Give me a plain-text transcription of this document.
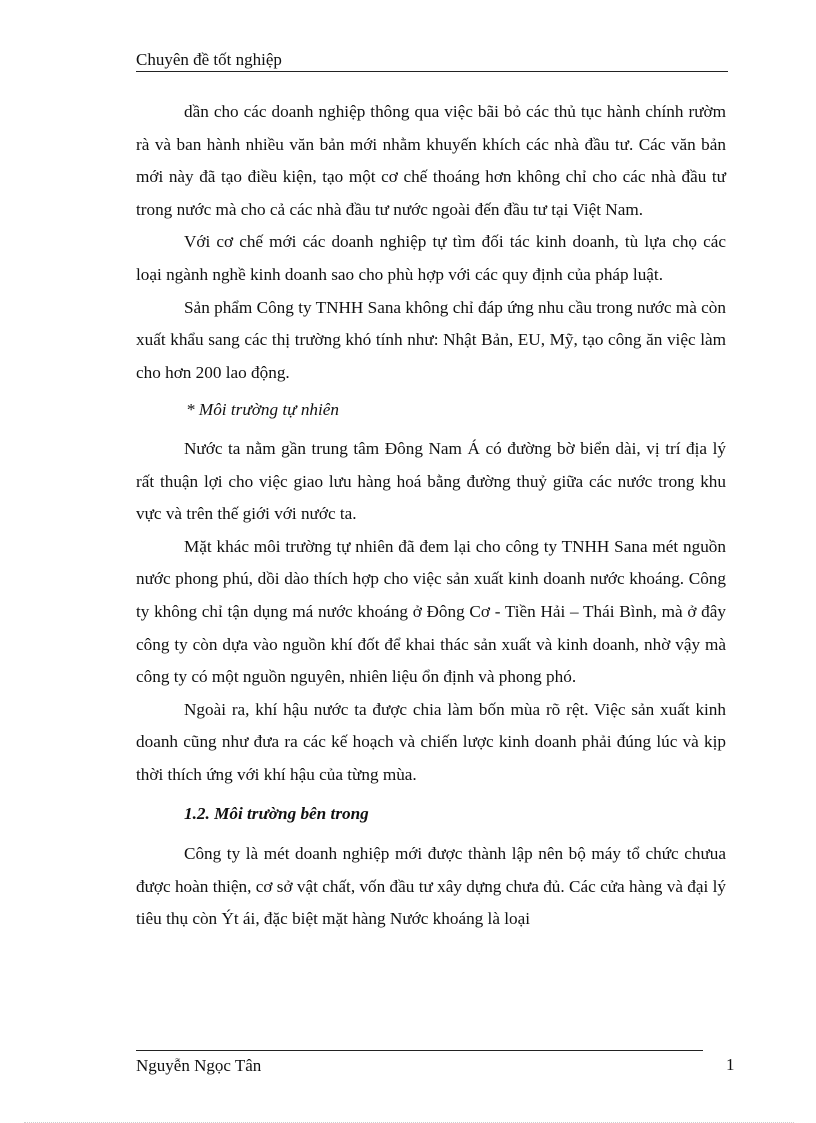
Chuyên đề tốt nghiệp

dần cho các doanh nghiệp thông qua việc bãi bỏ các thủ tục hành chính rườm rà và ban hành nhiều văn bản mới nhằm khuyến khích các nhà đầu tư. Các văn bản mới này đã tạo điều kiện, tạo một cơ chế thoáng hơn không chỉ cho các nhà đầu tư trong nước mà cho cả các nhà đầu tư nước ngoài đến đầu tư tại Việt Nam.

Với cơ chế mới các doanh nghiệp tự tìm đối tác kinh doanh, tù lựa chọ các loại ngành nghề kinh doanh sao cho phù hợp với các quy định của pháp luật.

Sản phẩm Công ty TNHH Sana không chỉ đáp ứng nhu cầu trong nước mà còn xuất khẩu sang các thị trường khó tính như: Nhật Bản, EU, Mỹ, tạo công ăn việc làm cho hơn 200 lao động.

* Môi trường tự nhiên

Nước ta nằm gần trung tâm Đông Nam Á có đường bờ biển dài, vị trí địa lý rất thuận lợi cho việc giao lưu hàng hoá bằng đường thuỷ giữa các nước trong khu vực và trên thế giới với nước ta.

Mặt khác môi trường tự nhiên đã đem lại cho công ty TNHH Sana mét nguồn nước phong phú, dồi dào thích hợp cho việc sản xuất kinh doanh nước khoáng. Công ty không chỉ tận dụng má nước khoáng ở Đông Cơ - Tiền Hải – Thái Bình, mà ở đây công ty còn dựa vào nguồn khí đốt để khai thác sản xuất và kinh doanh, nhờ vậy mà công ty có một nguồn nguyên, nhiên liệu ổn định và phong phó.

Ngoài ra, khí hậu nước ta được chia làm bốn mùa rõ rệt. Việc sản xuất kinh doanh cũng như đưa ra các kế hoạch và chiến lược kinh doanh phải đúng lúc và kịp thời thích ứng với khí hậu của từng mùa.

1.2. Môi trường bên trong

Công ty là mét doanh nghiệp mới được thành lập nên bộ máy tổ chức chưua được hoàn thiện, cơ sở vật chất, vốn đầu tư xây dựng chưa đủ. Các cửa hàng và đại lý tiêu thụ còn Ýt ái, đặc biệt mặt hàng Nước khoáng là loại

Nguyễn Ngọc Tân	1
